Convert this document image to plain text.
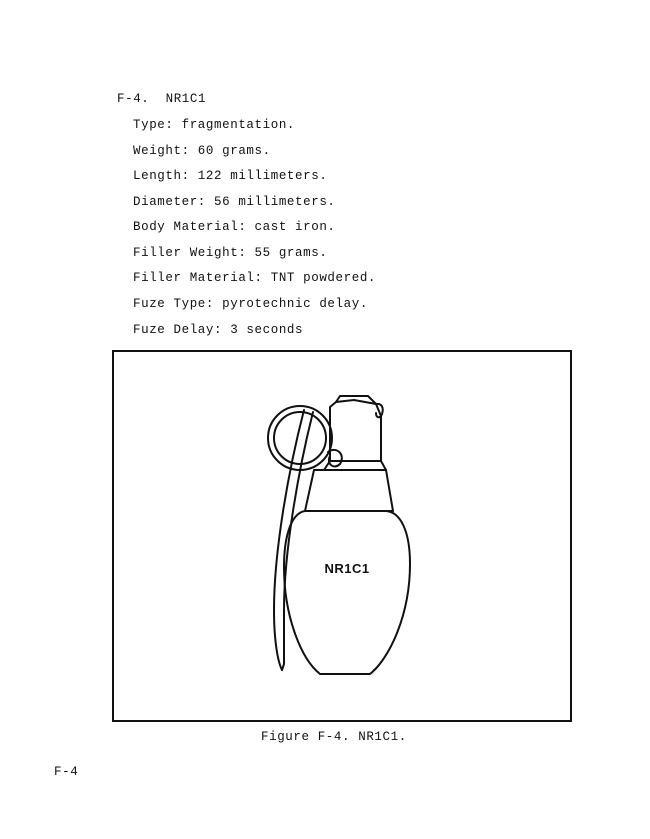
F-4.  NR1C1
Type: fragmentation.
Weight: 60 grams.
Length: 122 millimeters.
Diameter: 56 millimeters.
Body Material: cast iron.
Filler Weight: 55 grams.
Filler Material: TNT powdered.
Fuze Type: pyrotechnic delay.
Fuze Delay: 3 seconds
NR1C1
Figure F-4. NR1C1.
F-4
